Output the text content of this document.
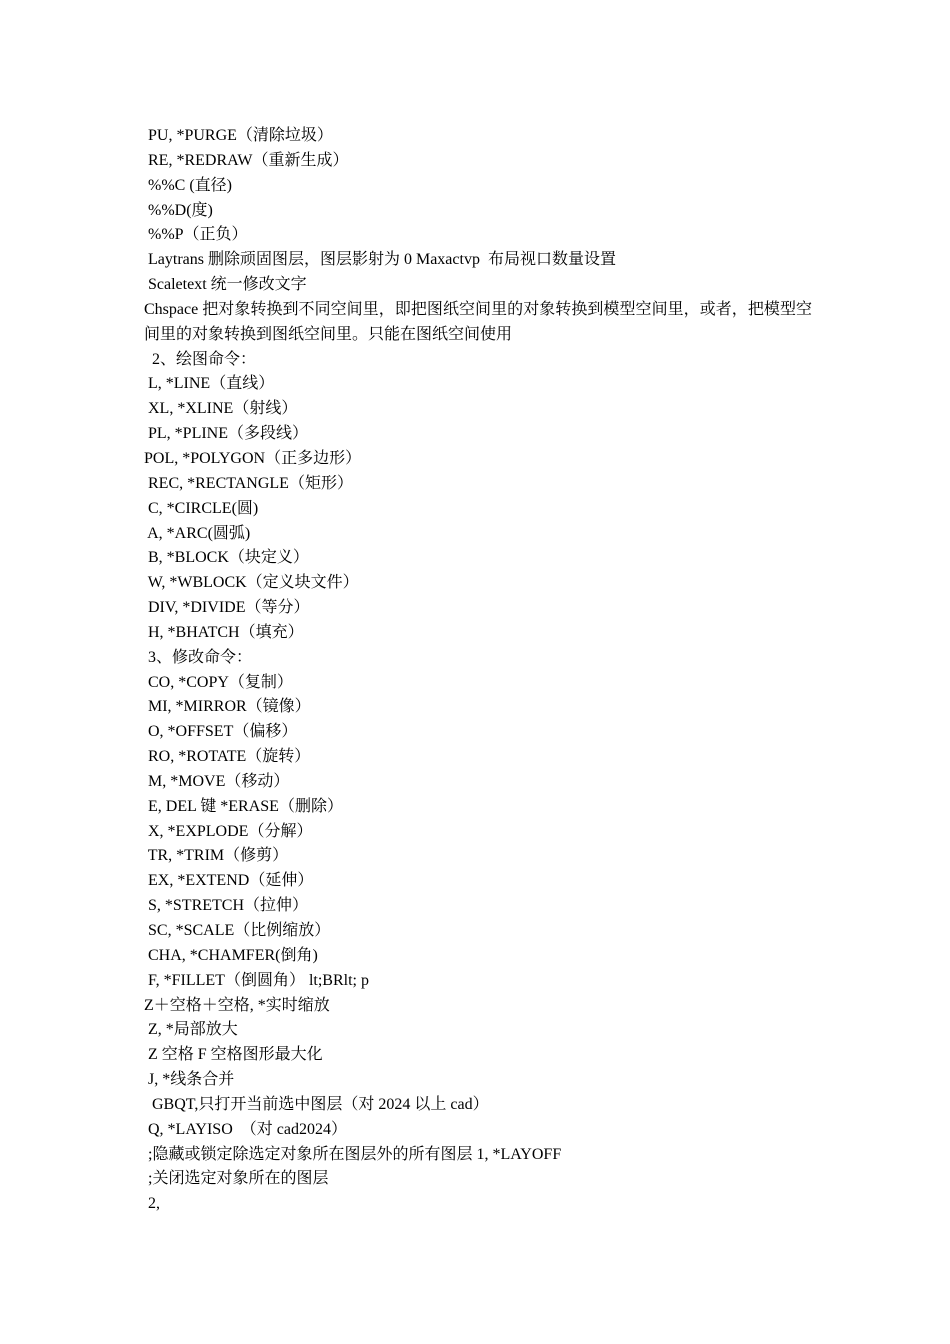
PU, *PURGE（清除垃圾）

RE, *REDRAW（重新生成）

%%C (直径)

%%D(度)

%%P（正负）

Laytrans 删除顽固图层，图层影射为 0 Maxactvp  布局视口数量设置

Scaletext 统一修改文字

Chspace 把对象转换到不同空间里，即把图纸空间里的对象转换到模型空间里，或者，把模型空间里的对象转换到图纸空间里。只能在图纸空间使用

2、绘图命令：

L, *LINE（直线）

XL, *XLINE（射线）

PL, *PLINE（多段线）

POL, *POLYGON（正多边形）

REC, *RECTANGLE（矩形）

C, *CIRCLE(圆)

A, *ARC(圆弧)

B, *BLOCK（块定义）

W, *WBLOCK（定义块文件）

DIV, *DIVIDE（等分）

H, *BHATCH（填充）

3、修改命令：

CO, *COPY（复制）

MI, *MIRROR（镜像）

O, *OFFSET（偏移）

RO, *ROTATE（旋转）

M, *MOVE（移动）

E, DEL 键 *ERASE（删除）

X, *EXPLODE（分解）

TR, *TRIM（修剪）

EX, *EXTEND（延伸）

S, *STRETCH（拉伸）

SC, *SCALE（比例缩放）

CHA, *CHAMFER(倒角)

F, *FILLET（倒圆角） lt;BRlt; p

Z＋空格＋空格, *实时缩放

Z, *局部放大

Z 空格 F 空格图形最大化

J, *线条合并

GBQT,只打开当前选中图层（对 2024 以上 cad）

Q, *LAYISO  （对 cad2024）

;隐藏或锁定除选定对象所在图层外的所有图层 1, *LAYOFF

;关闭选定对象所在的图层

2,
